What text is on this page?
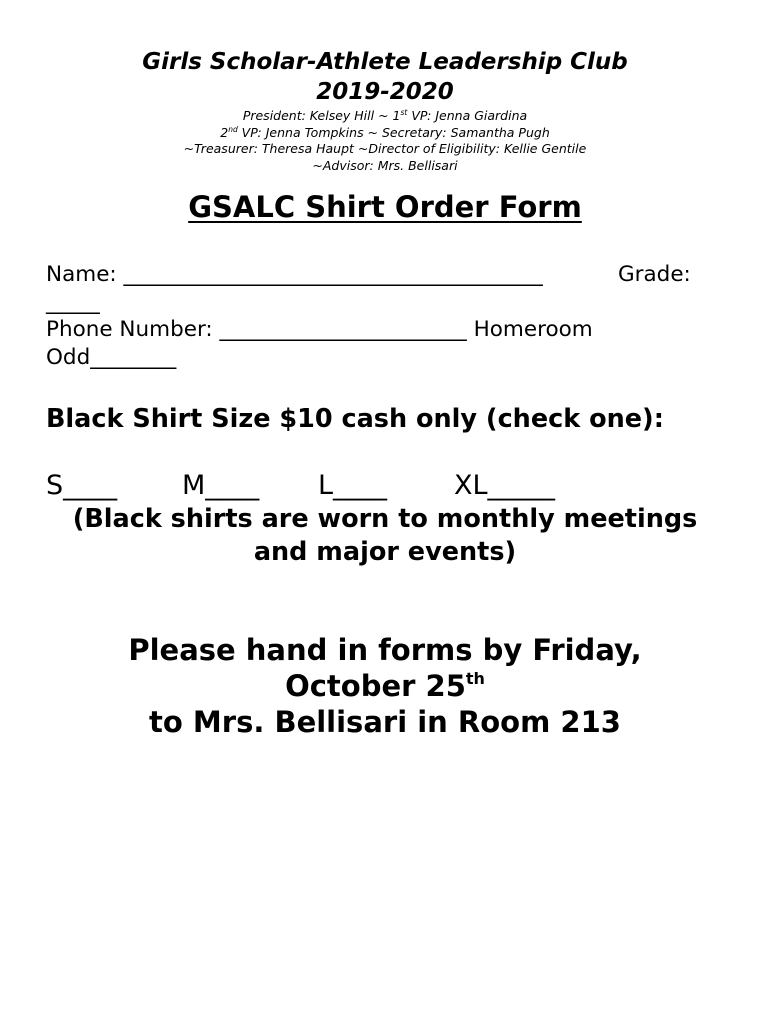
Girls Scholar-Athlete Leadership Club
2019-2020
President: Kelsey Hill ~ 1st VP: Jenna Giardina
2nd VP: Jenna Tompkins ~ Secretary: Samantha Pugh
~Treasurer: Theresa Haupt ~Director of Eligibility: Kellie Gentile
~Advisor: Mrs. Bellisari
GSALC Shirt Order Form
Name: _______________________________________	Grade:
_____
Phone Number: _______________________ Homeroom
Odd________
Black Shirt Size $10 cash only (check one):
S____ M____ L____ XL_____
(Black shirts are worn to monthly meetings
and major events)
Please hand in forms by Friday,
October 25th
to Mrs. Bellisari in Room 213
